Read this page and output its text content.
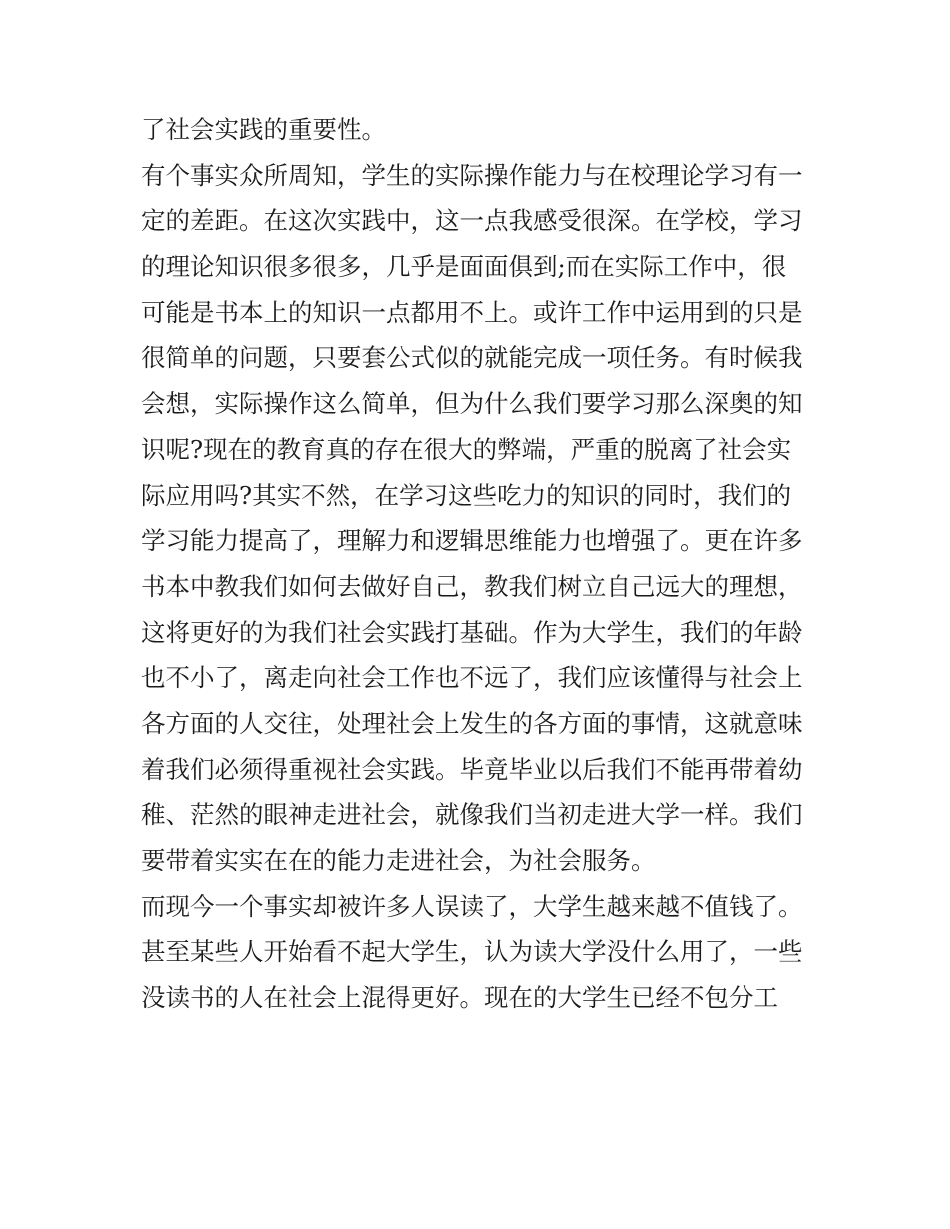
了社会实践的重要性。
有个事实众所周知，学生的实际操作能力与在校理论学习有一
定的差距。在这次实践中，这一点我感受很深。在学校，学习
的理论知识很多很多，几乎是面面俱到;而在实际工作中，很
可能是书本上的知识一点都用不上。或许工作中运用到的只是
很简单的问题，只要套公式似的就能完成一项任务。有时候我
会想，实际操作这么简单，但为什么我们要学习那么深奥的知
识呢?现在的教育真的存在很大的弊端，严重的脱离了社会实
际应用吗?其实不然，在学习这些吃力的知识的同时，我们的
学习能力提高了，理解力和逻辑思维能力也增强了。更在许多
书本中教我们如何去做好自己，教我们树立自己远大的理想，
这将更好的为我们社会实践打基础。作为大学生，我们的年龄
也不小了，离走向社会工作也不远了，我们应该懂得与社会上
各方面的人交往，处理社会上发生的各方面的事情，这就意味
着我们必须得重视社会实践。毕竟毕业以后我们不能再带着幼
稚、茫然的眼神走进社会，就像我们当初走进大学一样。我们
要带着实实在在的能力走进社会，为社会服务。
而现今一个事实却被许多人误读了，大学生越来越不值钱了。
甚至某些人开始看不起大学生，认为读大学没什么用了，一些
没读书的人在社会上混得更好。现在的大学生已经不包分工
